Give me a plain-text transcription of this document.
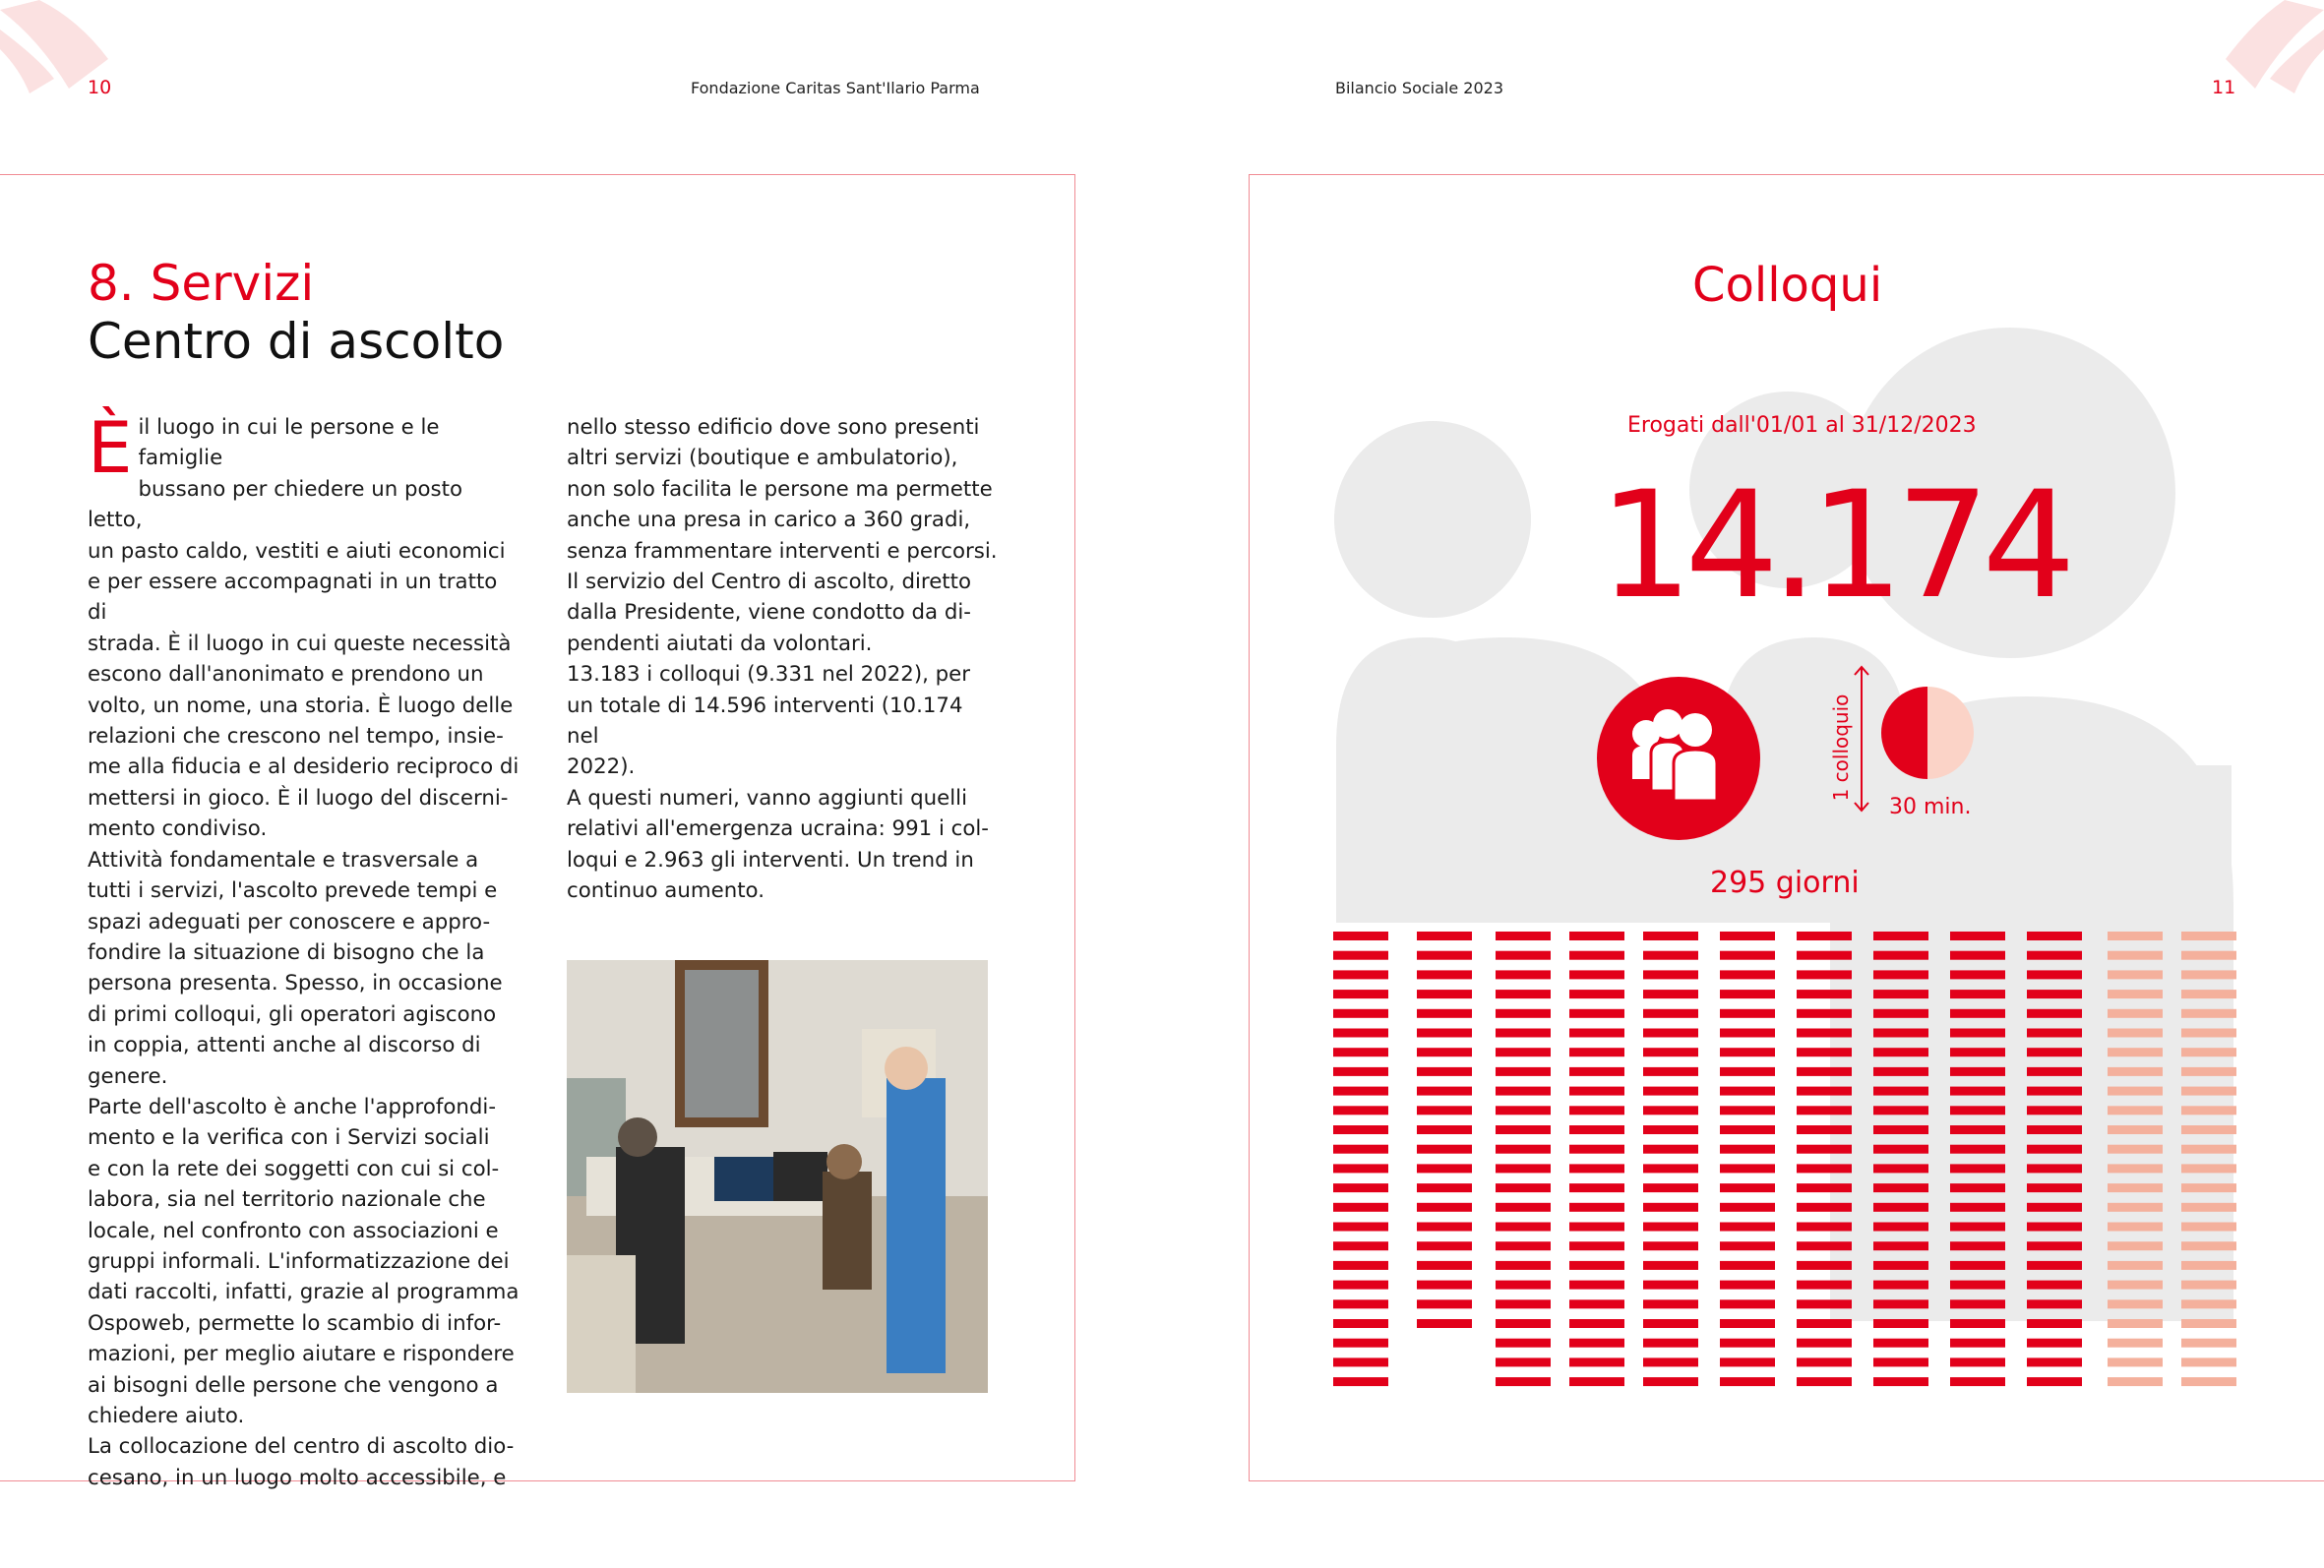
10	Fondazione Caritas Sant'Ilario Parma	Bilancio Sociale 2023	11
8. Servizi
Centro di ascolto
È il luogo in cui le persone e le famiglie

bussano per chiedere un posto letto,

un pasto caldo, vestiti e aiuti economici

e per essere accompagnati in un tratto di

strada. È il luogo in cui queste necessità

escono dall'anonimato e prendono un

volto, un nome, una storia. È luogo delle

relazioni che crescono nel tempo, insie-

me alla fiducia e al desiderio reciproco di

mettersi in gioco. È il luogo del discerni-

mento condiviso.

Attività fondamentale e trasversale a

tutti i servizi, l'ascolto prevede tempi e

spazi adeguati per conoscere e appro-

fondire la situazione di bisogno che la

persona presenta. Spesso, in occasione

di primi colloqui, gli operatori agiscono

in coppia, attenti anche al discorso di

genere.

Parte dell'ascolto è anche l'approfondi-

mento e la verifica con i Servizi sociali

e con la rete dei soggetti con cui si col-

labora, sia nel territorio nazionale che

locale, nel confronto con associazioni e

gruppi informali. L'informatizzazione dei

dati raccolti, infatti, grazie al programma

Ospoweb, permette lo scambio di infor-

mazioni, per meglio aiutare e rispondere

ai bisogni delle persone che vengono a

chiedere aiuto.

La collocazione del centro di ascolto dio-

cesano, in un luogo molto accessibile, e

nello stesso edificio dove sono presenti

altri servizi (boutique e ambulatorio),

non solo facilita le persone ma permette

anche una presa in carico a 360 gradi,

senza frammentare interventi e percorsi.

Il servizio del Centro di ascolto, diretto

dalla Presidente, viene condotto da di-

pendenti aiutati da volontari.

13.183 i colloqui (9.331 nel 2022), per

un totale di 14.596 interventi (10.174 nel

2022).

A questi numeri, vanno aggiunti quelli

relativi all'emergenza ucraina: 991 i col-

loqui e 2.963 gli interventi. Un trend in

continuo aumento.

Colloqui
Erogati dall'01/01 al 31/12/2023
14.174
1 colloquio
30 min.
295 giorni
